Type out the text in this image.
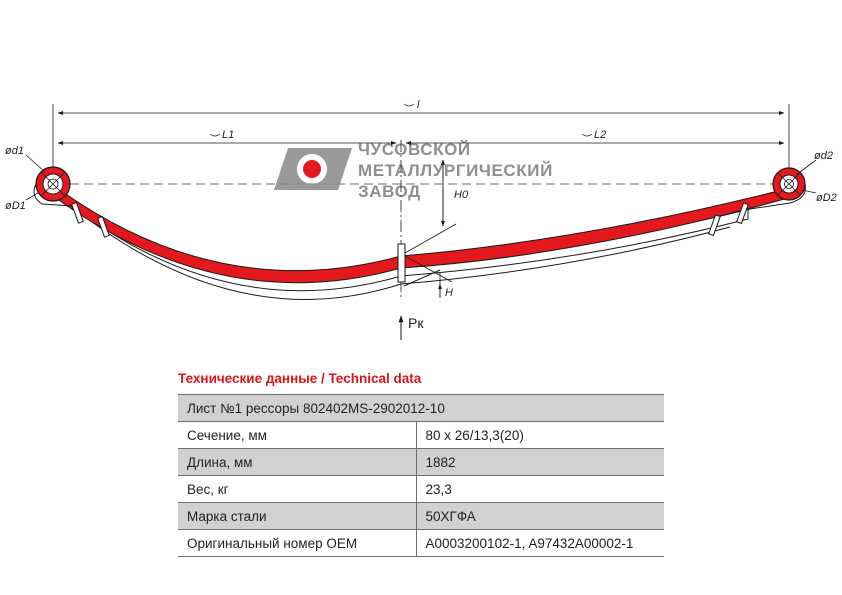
ЧУСОВСКОЙ
МЕТАЛЛУРГИЧЕСКИЙ
ЗАВОД
l
L1	L2
ød1
øD1
ød2
øD2
H0
H
Pк
Технические данные / Technical data
Лист №1 рессоры 802402MS-2902012-10	
Сечение, мм	80 х 26/13,3(20)
Длина, мм	1882
Вес, кг	23,3
Марка стали	50ХГФА
Оригинальный номер OEM	A0003200102-1, A97432A00002-1
